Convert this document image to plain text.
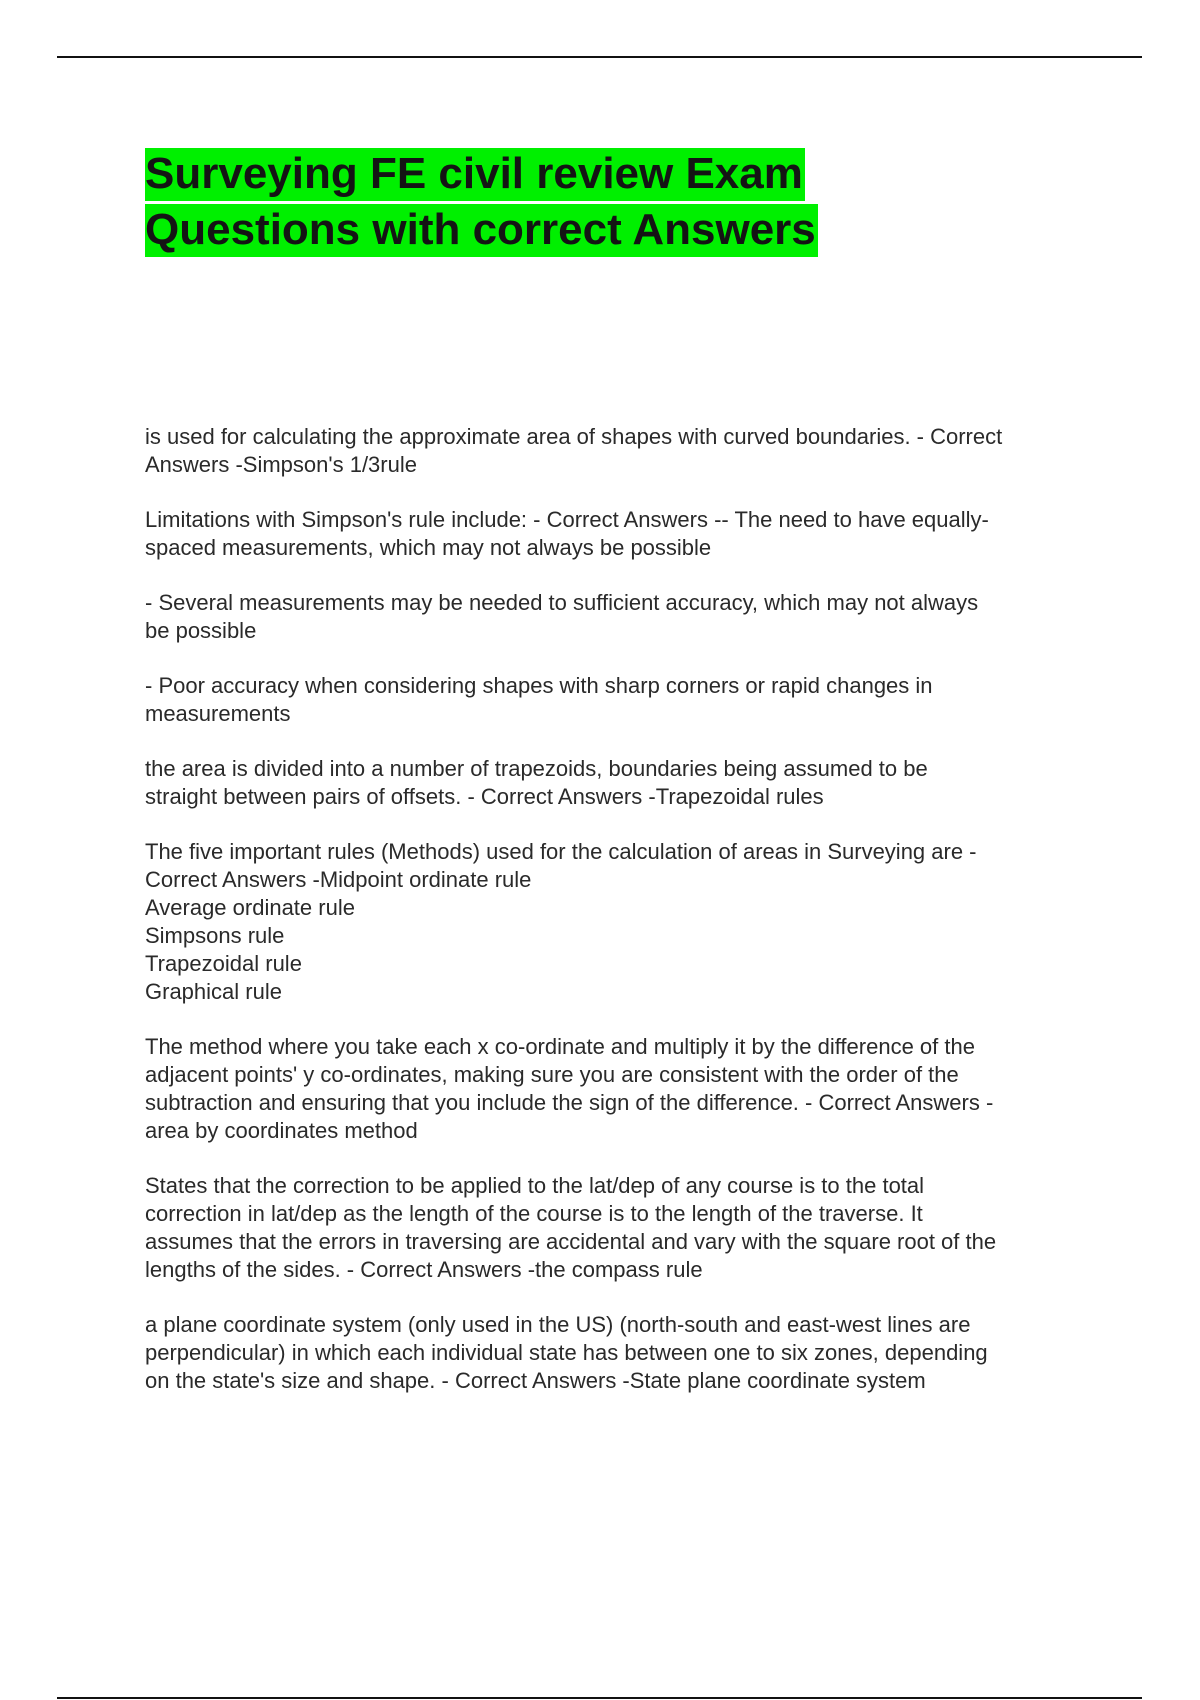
Surveying FE civil review Exam
Questions with correct Answers

is used for calculating the approximate area of shapes with curved boundaries. - Correct
Answers -Simpson's 1/3rule

Limitations with Simpson's rule include: - Correct Answers -- The need to have equally-
spaced measurements, which may not always be possible

- Several measurements may be needed to sufficient accuracy, which may not always
be possible

- Poor accuracy when considering shapes with sharp corners or rapid changes in
measurements

the area is divided into a number of trapezoids, boundaries being assumed to be
straight between pairs of offsets. - Correct Answers -Trapezoidal rules

The five important rules (Methods) used for the calculation of areas in Surveying are -
Correct Answers -Midpoint ordinate rule
Average ordinate rule
Simpsons rule
Trapezoidal rule
Graphical rule

The method where you take each x co-ordinate and multiply it by the difference of the
adjacent points' y co-ordinates, making sure you are consistent with the order of the
subtraction and ensuring that you include the sign of the difference. - Correct Answers -
area by coordinates method

States that the correction to be applied to the lat/dep of any course is to the total
correction in lat/dep as the length of the course is to the length of the traverse. It
assumes that the errors in traversing are accidental and vary with the square root of the
lengths of the sides. - Correct Answers -the compass rule

a plane coordinate system (only used in the US) (north-south and east-west lines are
perpendicular) in which each individual state has between one to six zones, depending
on the state's size and shape. - Correct Answers -State plane coordinate system
